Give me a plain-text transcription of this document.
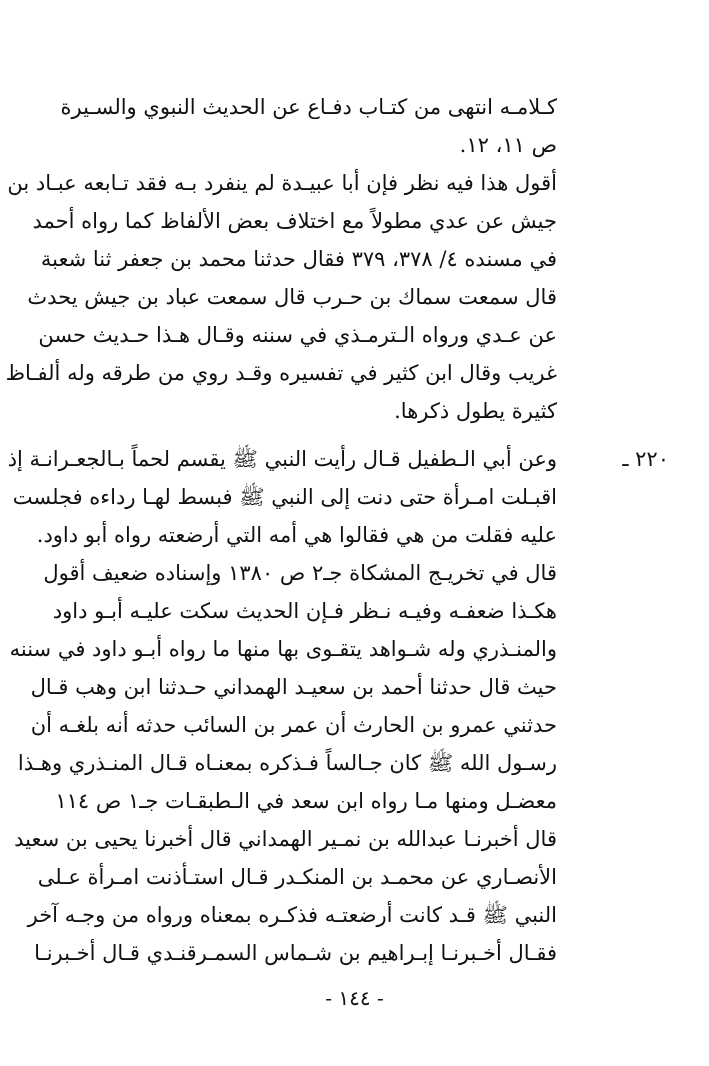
كـلامـه انتهى من كتـاب دفـاع عن الحديث النبوي والسـيرة
ص ١١، ١٢.
أقول هذا فيه نظر فإن أبا عبيـدة لم ينفرد بـه فقد تـابعه عبـاد بن
جيش عن عدي مطولاً مع اختلاف بعض الألفاظ كما رواه أحمد
في مسنده ٤/ ٣٧٨، ٣٧٩ فقال حدثنا محمد بن جعفر ثنا شعبة
قال سمعت سماك بن حـرب قال سمعت عباد بن جيش يحدث
عن عـدي ورواه الـترمـذي في سننه وقـال هـذا حـديث حسن
غريب وقال ابن كثير في تفسيره وقـد روي من طرقه وله ألفـاظ
كثيرة يطول ذكرها.
٢٢٠ ـ
وعن أبي الـطفيل قـال رأيت النبي ﷺ يقسم لحماً بـالجعـرانـة إذ
اقبـلت امـرأة حتى دنت إلى النبي ﷺ فبسط لهـا رداءه فجلست
عليه فقلت من هي فقالوا هي أمه التي أرضعته رواه أبو داود.
قال في تخريـج المشكاة جـ٢ ص ١٣٨٠ وإسناده ضعيف أقول
هكـذا ضعفـه وفيـه نـظر فـإن الحديث سكت عليـه أبـو داود
والمنـذري وله شـواهد يتقـوى بها منها ما رواه أبـو داود في سننه
حيث قال حدثنا أحمد بن سعيـد الهمداني حـدثنا ابن وهب قـال
حدثني عمرو بن الحارث أن عمر بن السائب حدثه أنه بلغـه أن
رسـول الله ﷺ كان جـالساً فـذكره بمعنـاه قـال المنـذري وهـذا
معضـل ومنها مـا رواه ابن سعد في الـطبقـات جـ١ ص ١١٤
قال أخبرنـا عبدالله بن نمـير الهمداني قال أخبرنا يحيى بن سعيد
الأنصـاري عن محمـد بن المنكـدر قـال استـأذنت امـرأة عـلى
النبي ﷺ قـد كانت أرضعتـه فذكـره بمعناه ورواه من وجـه آخر
فقـال أخـبرنـا إبـراهيم بن شـماس السمـرقنـدي قـال أخـبرنـا
- ١٤٤ -
